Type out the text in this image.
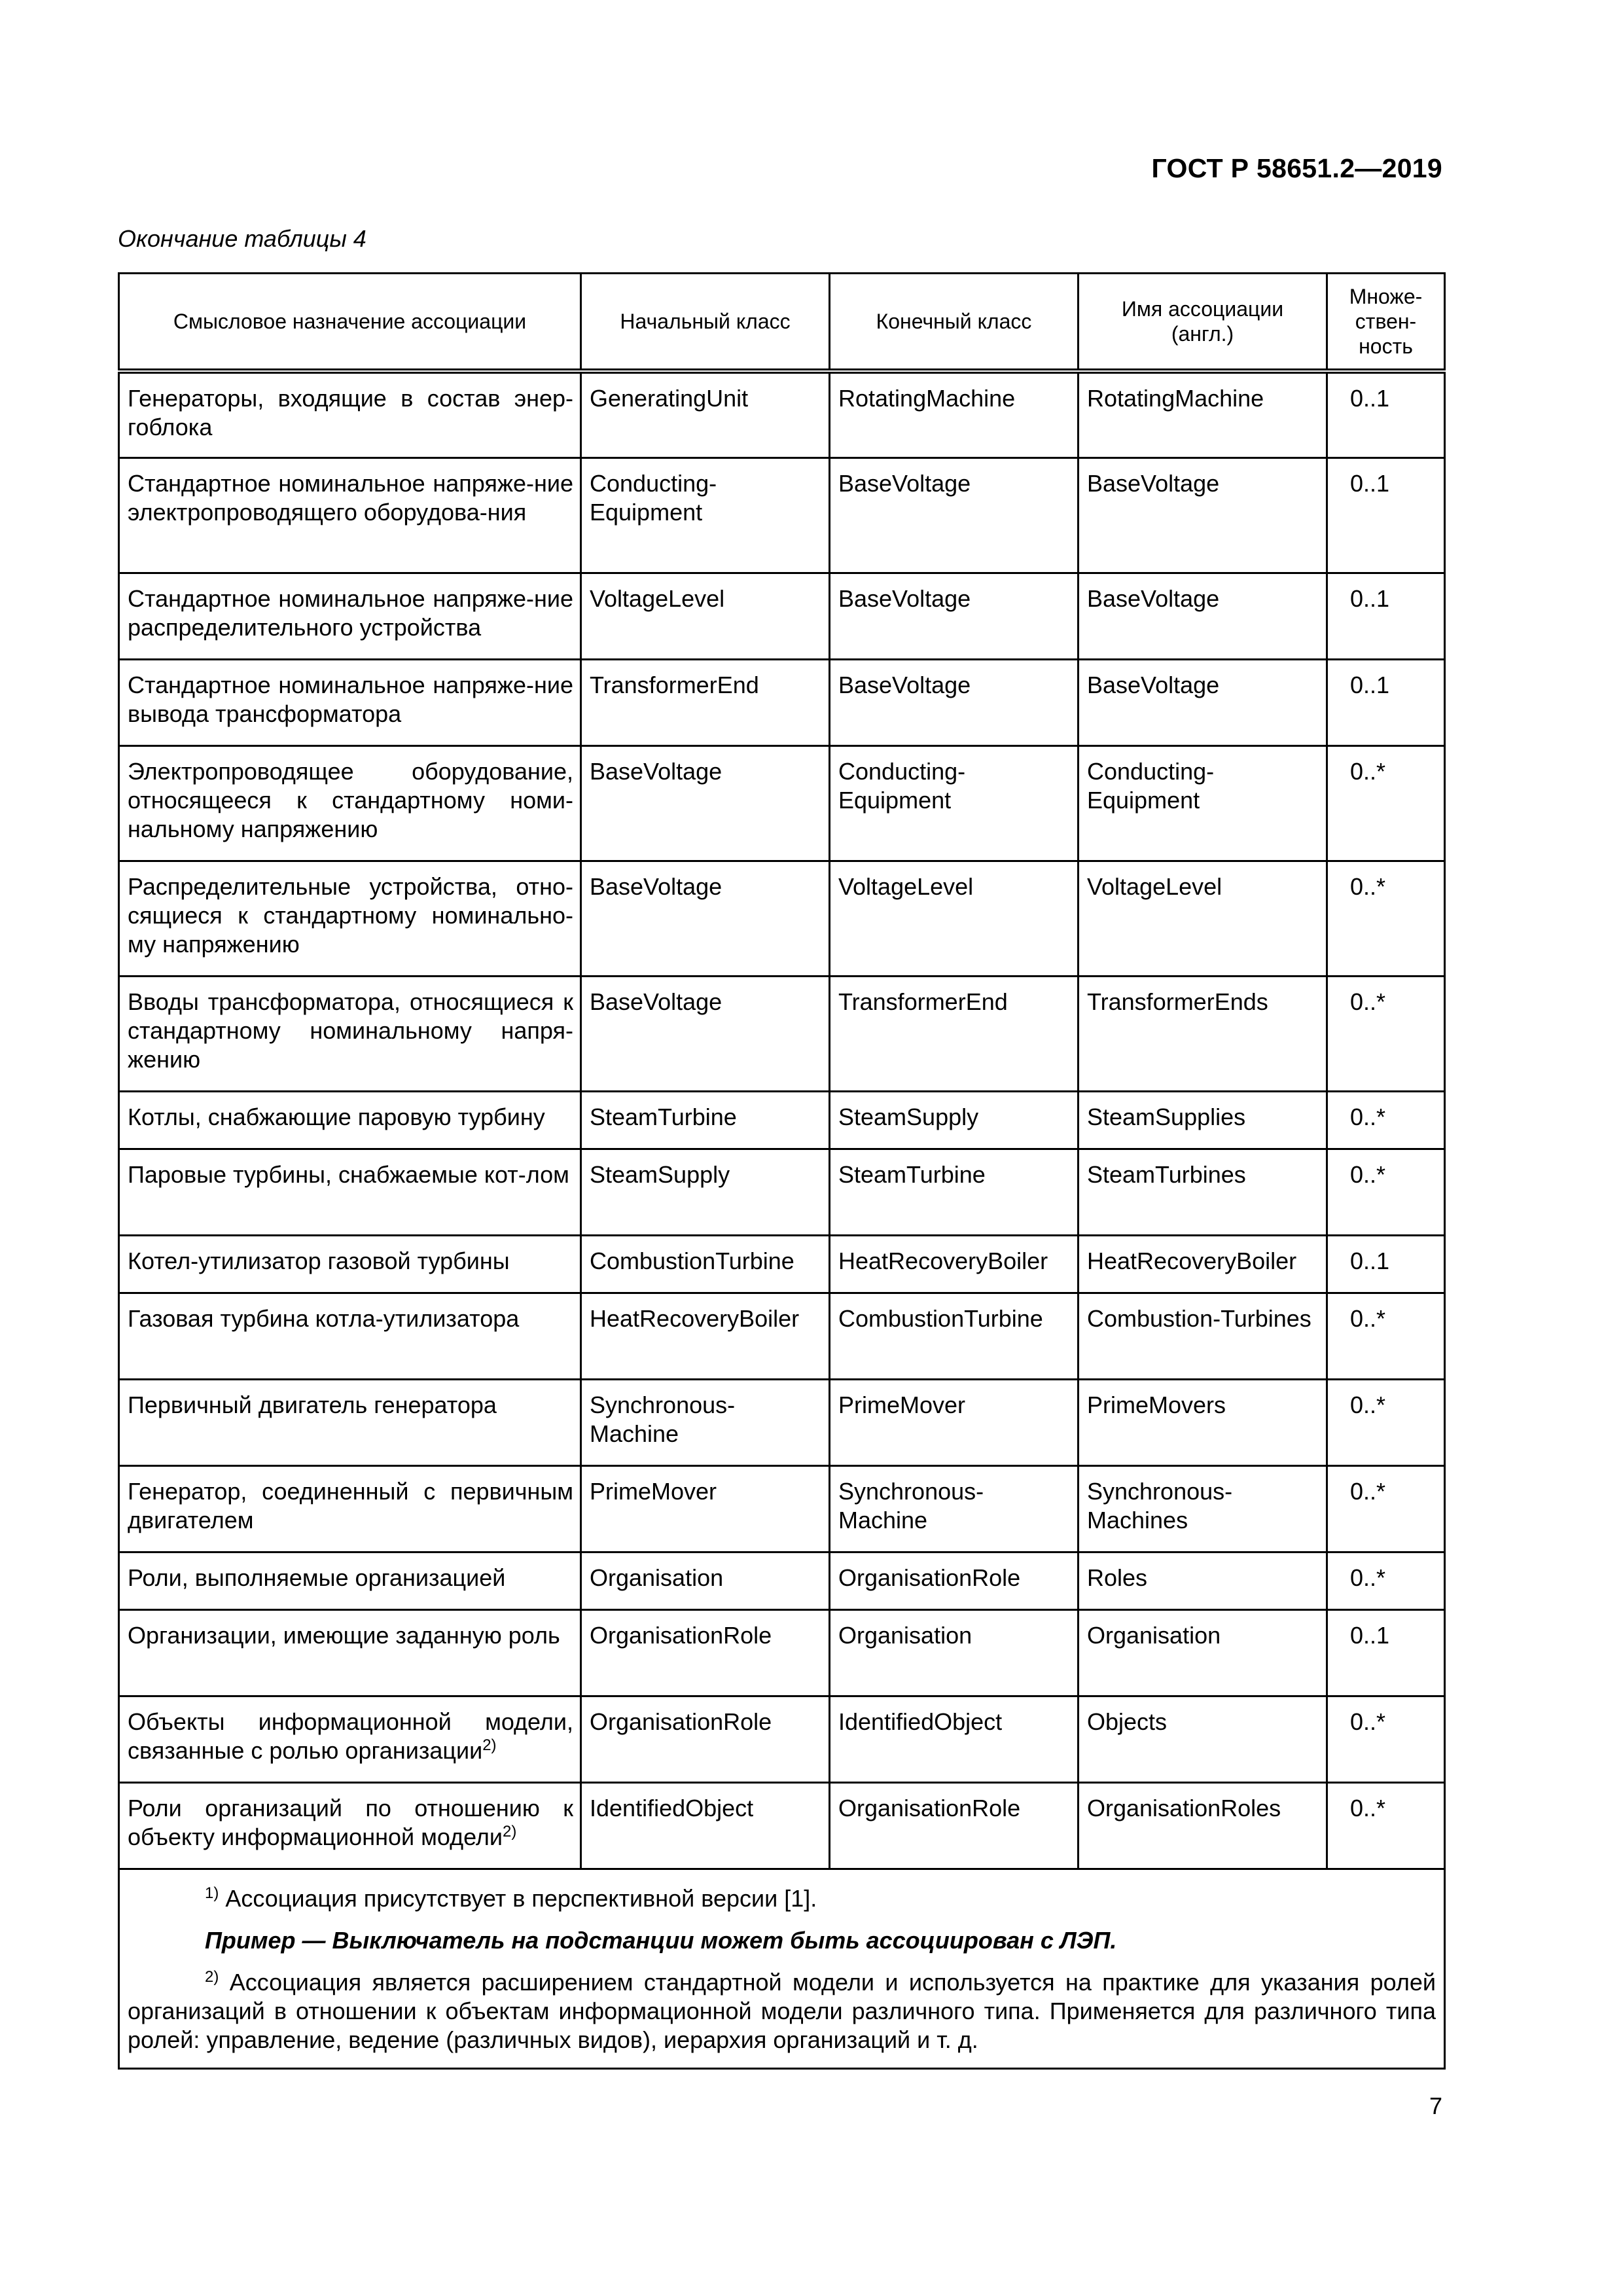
ГОСТ Р 58651.2—2019
Окончание таблицы 4
Смысловое назначение ассоциации	Начальный класс	Конечный класс	Имя ассоциации (англ.)	Множе-ствен-ность

Генераторы, входящие в состав энер-гоблока	GeneratingUnit	RotatingMachine	RotatingMachine	0..1

Стандартное номинальное напряже-ние электропроводящего оборудова-ния	Conducting-Equipment	BaseVoltage	BaseVoltage	0..1

Стандартное номинальное напряже-ние распределительного устройства	VoltageLevel	BaseVoltage	BaseVoltage	0..1

Стандартное номинальное напряже-ние вывода трансформатора	TransformerEnd	BaseVoltage	BaseVoltage	0..1

Электропроводящее оборудование, относящееся к стандартному номи-нальному напряжению	BaseVoltage	Conducting-Equipment	Conducting-Equipment	0..*

Распределительные устройства, отно-сящиеся к стандартному номинально-му напряжению	BaseVoltage	VoltageLevel	VoltageLevel	0..*

Вводы трансформатора, относящиеся к стандартному номинальному напря-жению	BaseVoltage	TransformerEnd	TransformerEnds	0..*

Котлы, снабжающие паровую турбину	SteamTurbine	SteamSupply	SteamSupplies	0..*

Паровые турбины, снабжаемые кот-лом	SteamSupply	SteamTurbine	SteamTurbines	0..*

Котел-утилизатор газовой турбины	CombustionTurbine	HeatRecoveryBoiler	HeatRecoveryBoiler	0..1

Газовая турбина котла-утилизатора	HeatRecoveryBoiler	CombustionTurbine	Combustion-Turbines	0..*

Первичный двигатель генератора	Synchronous-Machine	PrimeMover	PrimeMovers	0..*

Генератор, соединенный с первичным двигателем	PrimeMover	Synchronous-Machine	Synchronous-Machines	0..*

Роли, выполняемые организацией	Organisation	OrganisationRole	Roles	0..*

Организации, имеющие заданную роль	OrganisationRole	Organisation	Organisation	0..1

Объекты информационной модели, связанные с ролью организации$^{2)}$	OrganisationRole	IdentifiedObject	Objects	0..*

Роли организаций по отношению к объекту информационной модели$^{2)}$	IdentifiedObject	OrganisationRole	OrganisationRoles	0..*

$^{1)}$ Ассоциация присутствует в перспективной версии [1].
Пример — Выключатель на подстанции может быть ассоциирован с ЛЭП.
$^{2)}$ Ассоциация является расширением стандартной модели и используется на практике для указания ролей организаций в отношении к объектам информационной модели различного типа. Применяется для различного типа ролей: управление, ведение (различных видов), иерархия организаций и т. д.				
7
